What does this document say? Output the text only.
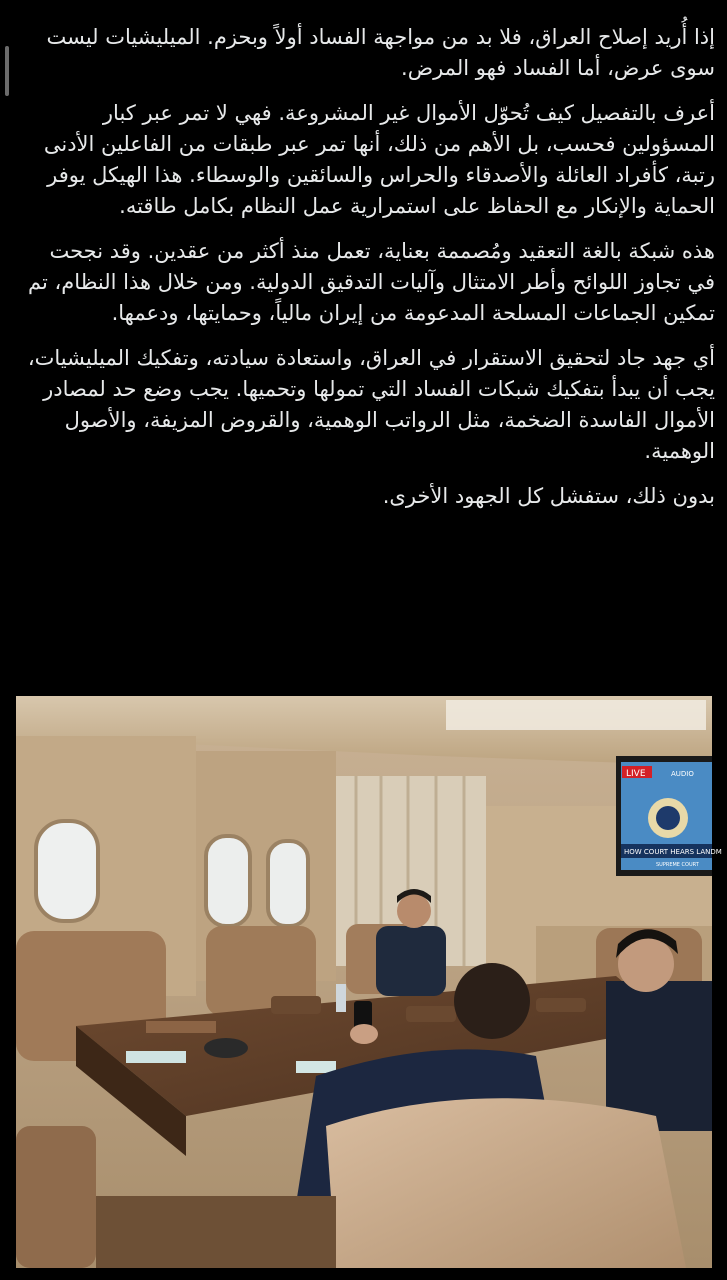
إذا أُريد إصلاح العراق، فلا بد من مواجهة الفساد أولاً وبحزم. الميليشيات ليست سوى عرض، أما الفساد فهو المرض.

أعرف بالتفصيل كيف تُحوّل الأموال غير المشروعة. فهي لا تمر عبر كبار المسؤولين فحسب، بل الأهم من ذلك، أنها تمر عبر طبقات من الفاعلين الأدنى رتبة، كأفراد العائلة والأصدقاء والحراس والسائقين والوسطاء. هذا الهيكل يوفر الحماية والإنكار مع الحفاظ على استمرارية عمل النظام بكامل طاقته.

هذه شبكة بالغة التعقيد ومُصممة بعناية، تعمل منذ أكثر من عقدين. وقد نجحت في تجاوز اللوائح وأطر الامتثال وآليات التدقيق الدولية. ومن خلال هذا النظام، تم تمكين الجماعات المسلحة المدعومة من إيران مالياً، وحمايتها، ودعمها.

أي جهد جاد لتحقيق الاستقرار في العراق، واستعادة سيادته، وتفكيك الميليشيات، يجب أن يبدأ بتفكيك شبكات الفساد التي تمولها وتحميها. يجب وضع حد لمصادر الأموال الفاسدة الضخمة، مثل الرواتب الوهمية، والقروض المزيفة، والأصول الوهمية.

بدون ذلك، ستفشل كل الجهود الأخرى.

LIVE	AUDIO
HOW COURT HEARS LANDM
SUPREME COURT
